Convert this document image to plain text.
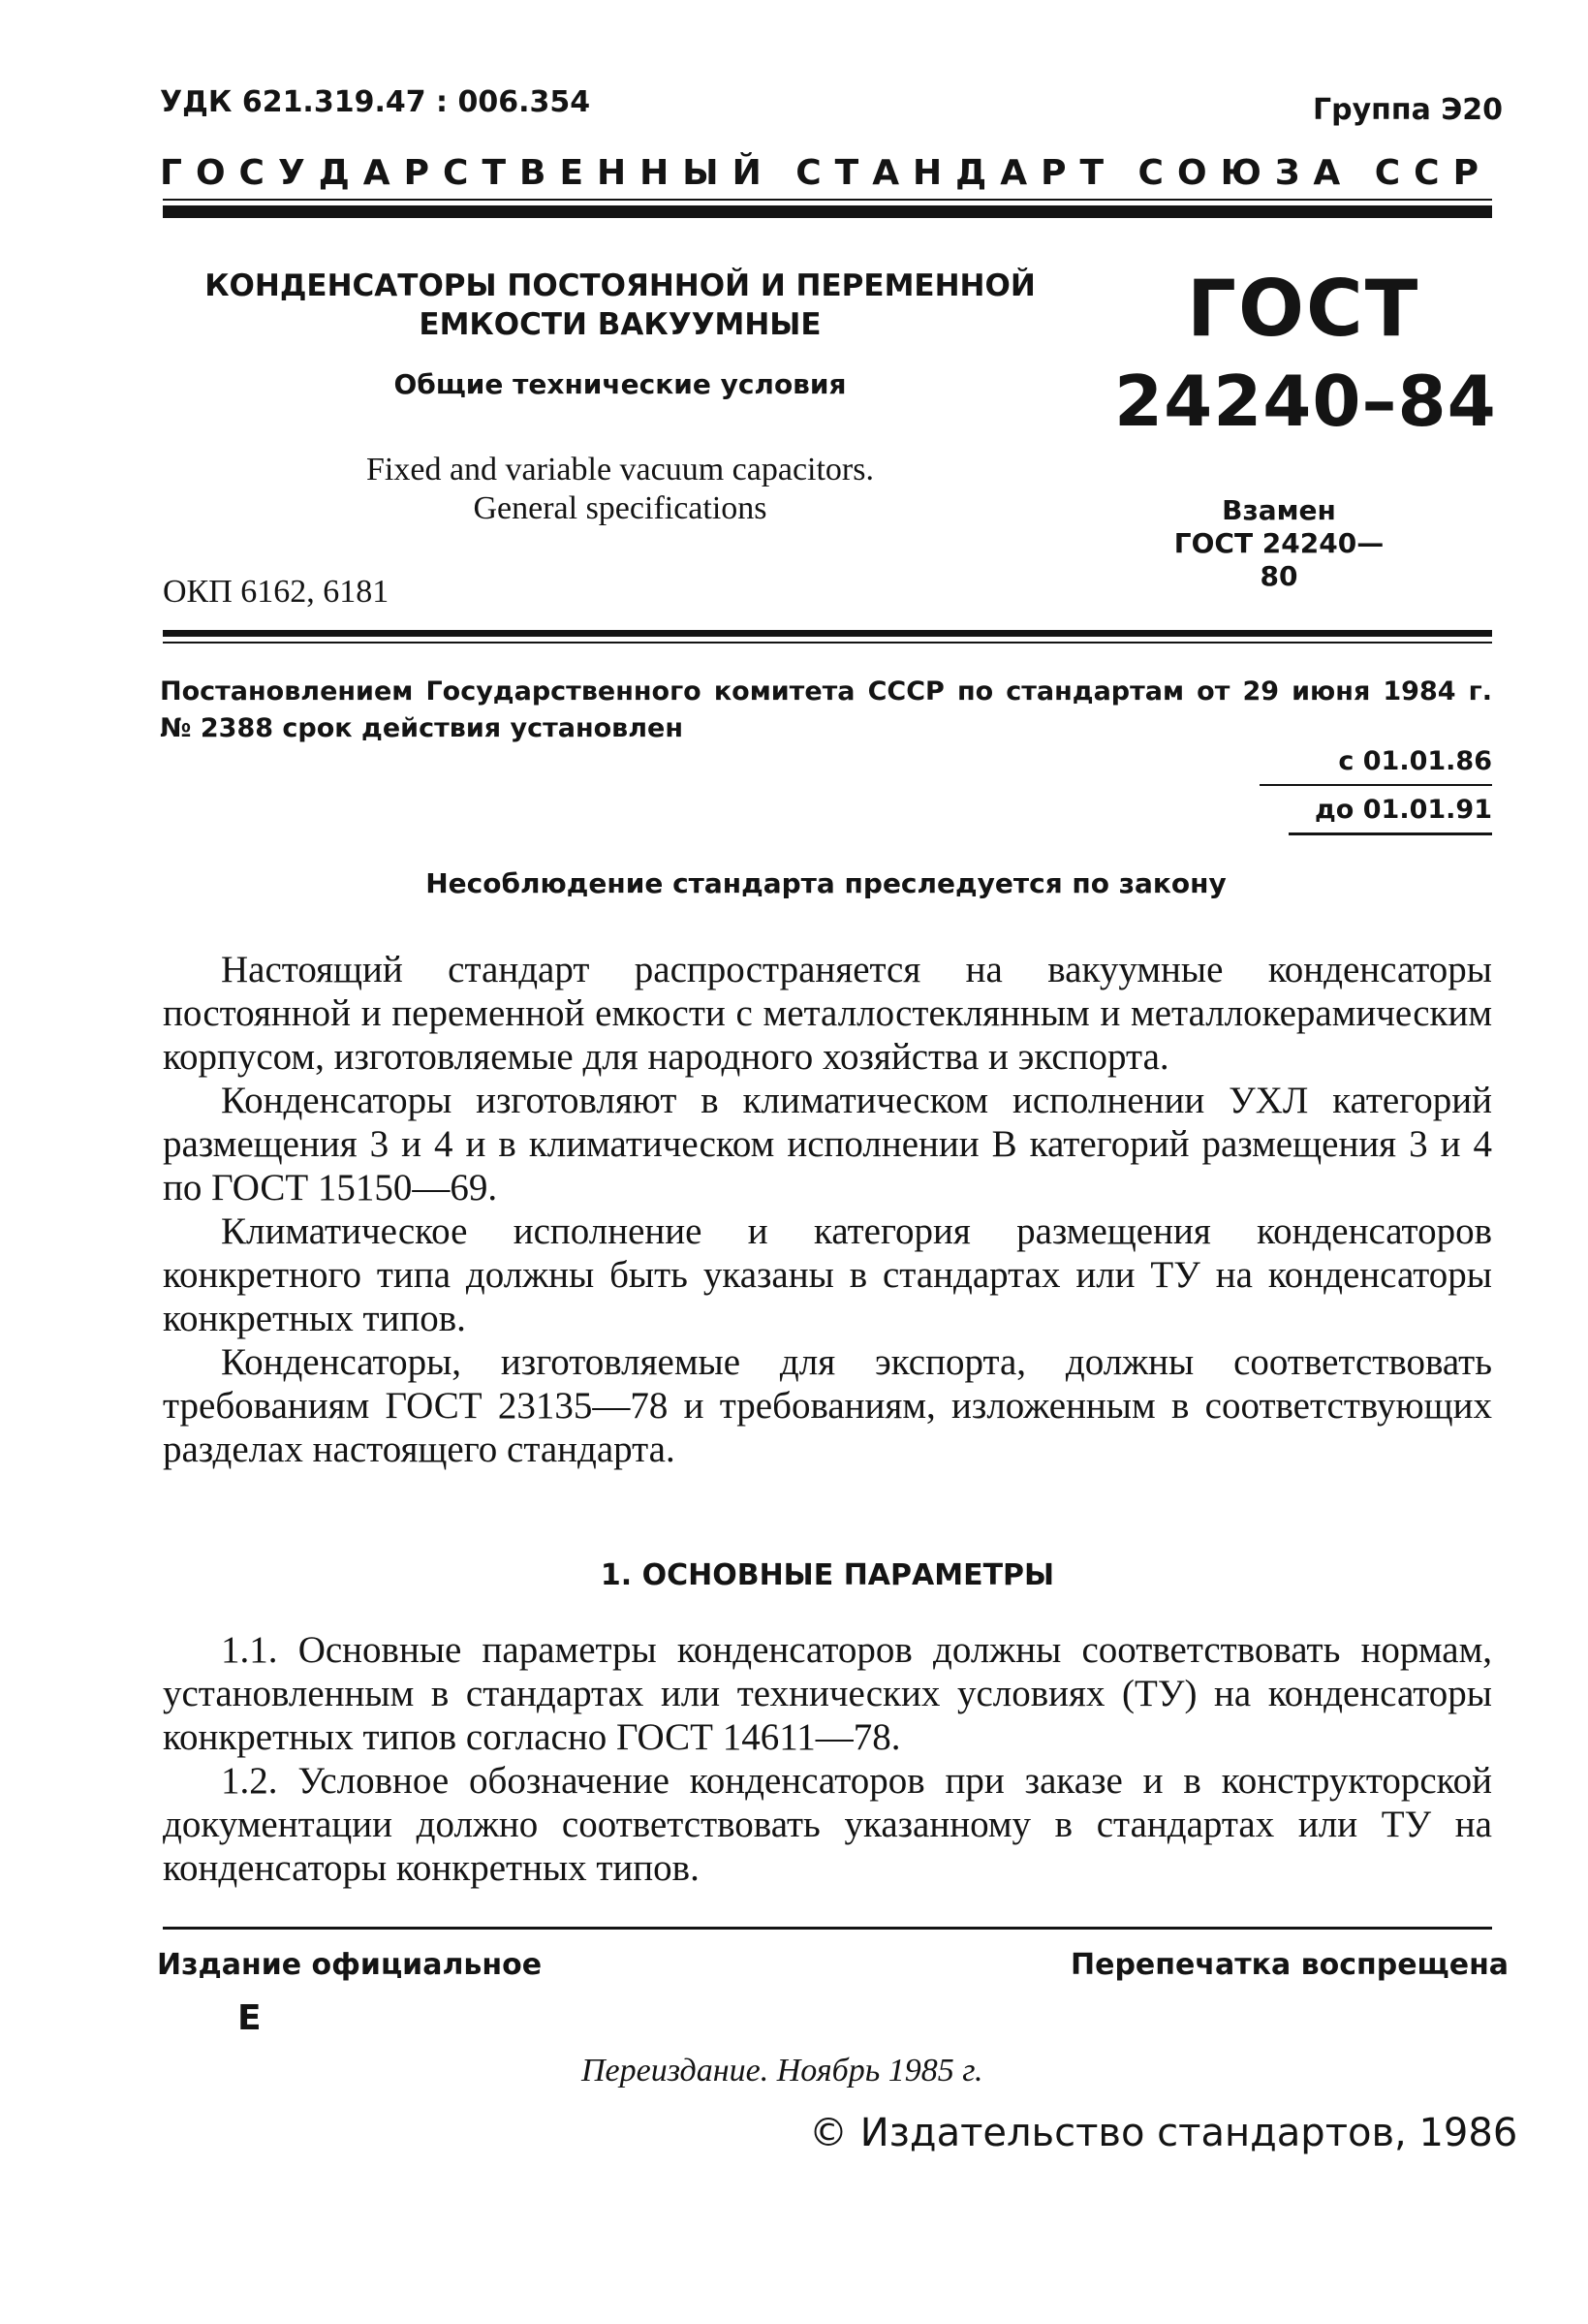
УДК 621.319.47 : 006.354	Группа Э20
ГОСУДАРСТВЕННЫЙ СТАНДАРТ СОЮЗА ССР
КОНДЕНСАТОРЫ ПОСТОЯННОЙ И ПЕРЕМЕННОЙ
ЕМКОСТИ ВАКУУМНЫЕ
Общие технические условия
Fixed and variable vacuum capacitors.
General specifications
ГОСТ
24240–84
Взамен
ГОСТ 24240—80
ОКП 6162, 6181
Постановлением Государственного комитета СССР по стандартам от 29 июня 1984 г. № 2388 срок действия установлен
с 01.01.86
до 01.01.91
Несоблюдение стандарта преследуется по закону

Настоящий стандарт распространяется на вакуумные конденсаторы постоянной и переменной емкости с металлостеклянным и металлокерамическим корпусом, изготовляемые для народного хозяйства и экспорта.

Конденсаторы изготовляют в климатическом исполнении УХЛ категорий размещения 3 и 4 и в климатическом исполнении В категорий размещения 3 и 4 по ГОСТ 15150—69.

Климатическое исполнение и категория размещения конденсаторов конкретного типа должны быть указаны в стандартах или ТУ на конденсаторы конкретных типов.

Конденсаторы, изготовляемые для экспорта, должны соответствовать требованиям ГОСТ 23135—78 и требованиям, изложенным в соответствующих разделах настоящего стандарта.

1. ОСНОВНЫЕ ПАРАМЕТРЫ

1.1. Основные параметры конденсаторов должны соответствовать нормам, установленным в стандартах или технических условиях (ТУ) на конденсаторы конкретных типов согласно ГОСТ 14611—78.

1.2. Условное обозначение конденсаторов при заказе и в конструкторской документации должно соответствовать указанному в стандартах или ТУ на конденсаторы конкретных типов.

Издание официальное	Перепечатка воспрещена
Е
Переиздание. Ноябрь 1985 г.
© Издательство стандартов, 1986
